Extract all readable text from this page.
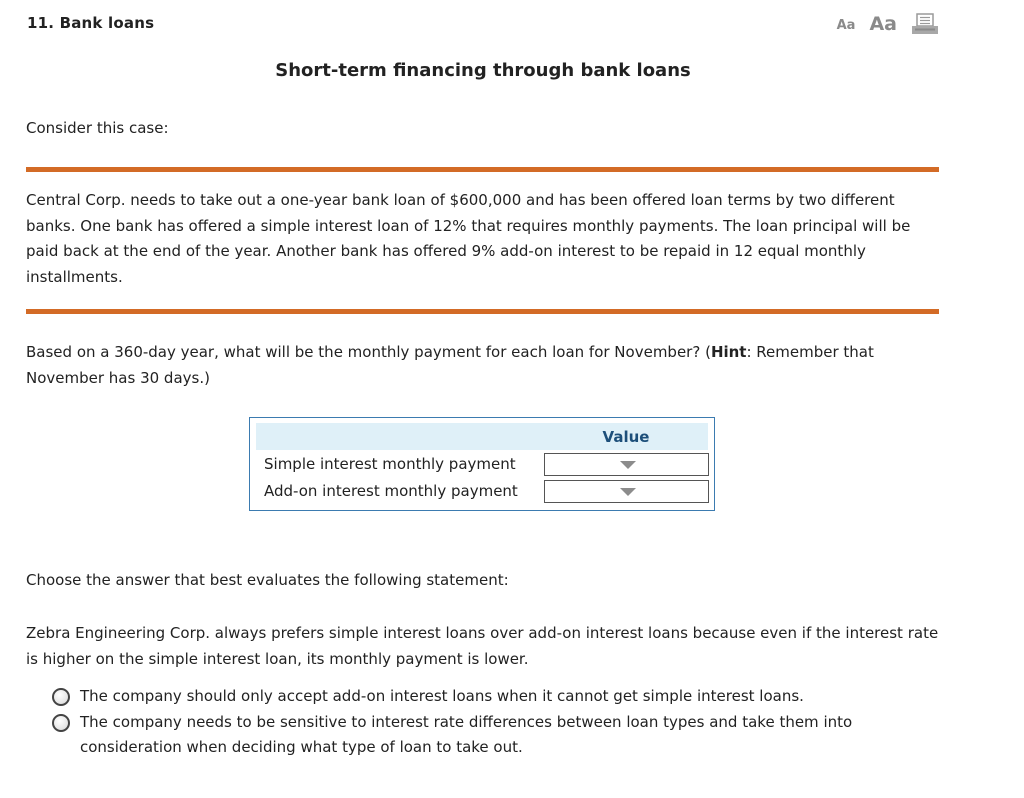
11. Bank loans	Aa Aa
Short-term financing through bank loans
Consider this case:
Central Corp. needs to take out a one-year bank loan of $600,000 and has been offered loan terms by two different banks. One bank has offered a simple interest loan of 12% that requires monthly payments. The loan principal will be paid back at the end of the year. Another bank has offered 9% add-on interest to be repaid in 12 equal monthly installments.
Based on a 360-day year, what will be the monthly payment for each loan for November? (Hint: Remember that November has 30 days.)
Value
Simple interest monthly payment
Add-on interest monthly payment
Choose the answer that best evaluates the following statement:
Zebra Engineering Corp. always prefers simple interest loans over add-on interest loans because even if the interest rate is higher on the simple interest loan, its monthly payment is lower.
The company should only accept add-on interest loans when it cannot get simple interest loans.
The company needs to be sensitive to interest rate differences between loan types and take them into consideration when deciding what type of loan to take out.
